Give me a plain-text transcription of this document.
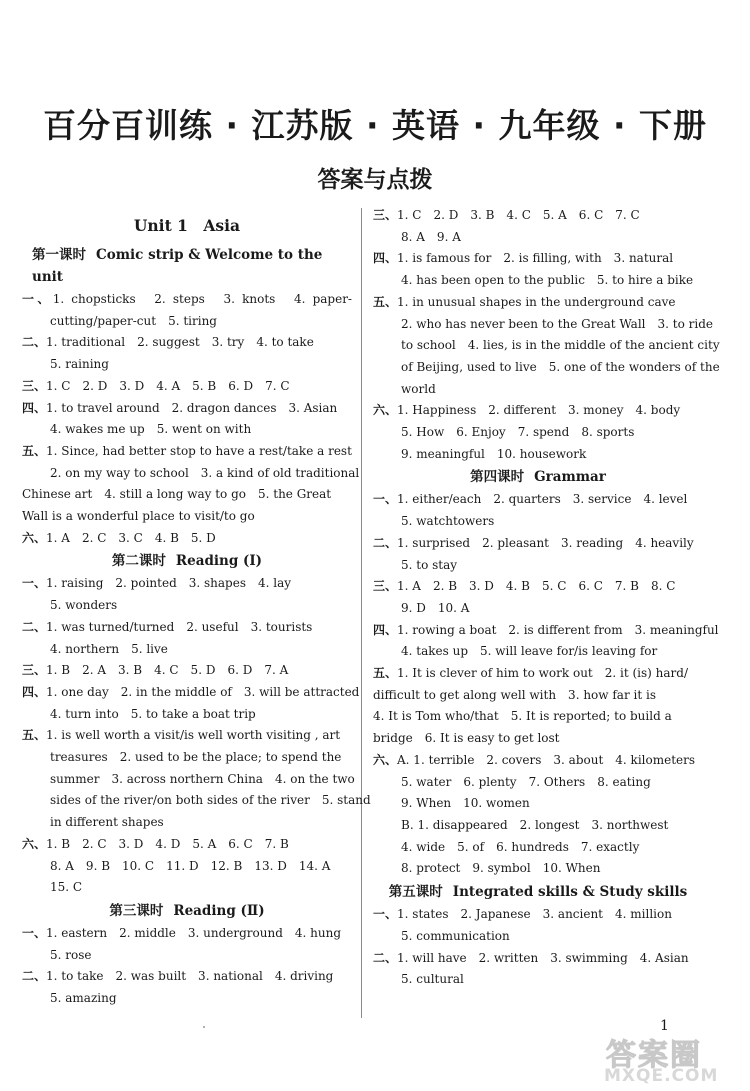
百分百训练 · 江苏版 · 英语 · 九年级 · 下册
答案与点拨
Unit 1　Asia
第一课时 Comic strip & Welcome to the unit
一、1. chopsticks　2. steps　3. knots　4. paper-
cutting/paper-cut　5. tiring
二、1. traditional　2. suggest　3. try　4. to take
5. raining
三、1. C　2. D　3. D　4. A　5. B　6. D　7. C
四、1. to travel around　2. dragon dances　3. Asian
4. wakes me up　5. went on with
五、1. Since, had better stop to have a rest/take a rest
2. on my way to school　3. a kind of old traditional
Chinese art　4. still a long way to go　5. the Great
Wall is a wonderful place to visit/to go
六、1. A　2. C　3. C　4. B　5. D
第二课时 Reading (Ⅰ)
一、1. raising　2. pointed　3. shapes　4. lay
5. wonders
二、1. was turned/turned　2. useful　3. tourists
4. northern　5. live
三、1. B　2. A　3. B　4. C　5. D　6. D　7. A
四、1. one day　2. in the middle of　3. will be attracted
4. turn into　5. to take a boat trip
五、1. is well worth a visit/is well worth visiting , art
treasures　2. used to be the place; to spend the
summer　3. across northern China　4. on the two
sides of the river/on both sides of the river　5. stand
in different shapes
六、1. B　2. C　3. D　4. D　5. A　6. C　7. B
8. A　9. B　10. C　11. D　12. B　13. D　14. A
15. C
第三课时 Reading (Ⅱ)
一、1. eastern　2. middle　3. underground　4. hung
5. rose
二、1. to take　2. was built　3. national　4. driving
5. amazing
三、1. C　2. D　3. B　4. C　5. A　6. C　7. C
8. A　9. A
四、1. is famous for　2. is filling, with　3. natural
4. has been open to the public　5. to hire a bike
五、1. in unusual shapes in the underground cave
2. who has never been to the Great Wall　3. to ride
to school　4. lies, is in the middle of the ancient city
of Beijing, used to live　5. one of the wonders of the
world
六、1. Happiness　2. different　3. money　4. body
5. How　6. Enjoy　7. spend　8. sports
9. meaningful　10. housework
第四课时 Grammar
一、1. either/each　2. quarters　3. service　4. level
5. watchtowers
二、1. surprised　2. pleasant　3. reading　4. heavily
5. to stay
三、1. A　2. B　3. D　4. B　5. C　6. C　7. B　8. C
9. D　10. A
四、1. rowing a boat　2. is different from　3. meaningful
4. takes up　5. will leave for/is leaving for
五、1. It is clever of him to work out　2. it (is) hard/
difficult to get along well with　3. how far it is
4. It is Tom who/that　5. It is reported; to build a
bridge　6. It is easy to get lost
六、A. 1. terrible　2. covers　3. about　4. kilometers
5. water　6. plenty　7. Others　8. eating
9. When　10. women
B. 1. disappeared　2. longest　3. northwest
4. wide　5. of　6. hundreds　7. exactly
8. protect　9. symbol　10. When
第五课时 Integrated skills & Study skills
一、1. states　2. Japanese　3. ancient　4. million
5. communication
二、1. will have　2. written　3. swimming　4. Asian
5. cultural
1
答案圈
MXQE.COM
